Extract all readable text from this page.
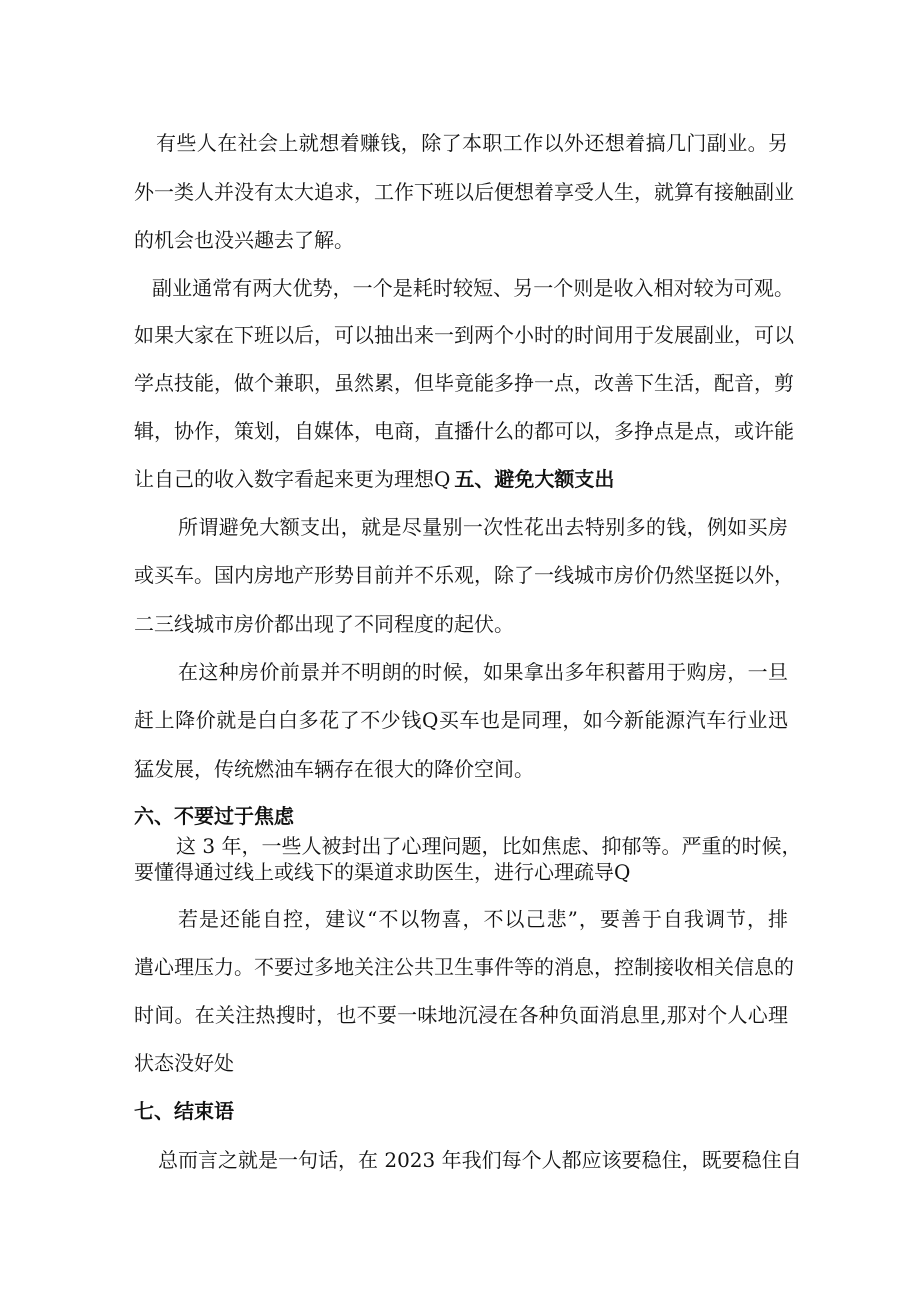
有些人在社会上就想着赚钱，除了本职工作以外还想着搞几门副业。另

外一类人并没有太大追求，工作下班以后便想着享受人生，就算有接触副业

的机会也没兴趣去了解。

副业通常有两大优势，一个是耗时较短、另一个则是收入相对较为可观。

如果大家在下班以后，可以抽出来一到两个小时的时间用于发展副业，可以

学点技能，做个兼职，虽然累，但毕竟能多挣一点，改善下生活，配音，剪

辑，协作，策划，自媒体，电商，直播什么的都可以，多挣点是点，或许能

让自己的收入数字看起来更为理想Q 五、避免大额支出

所谓避免大额支出，就是尽量别一次性花出去特别多的钱，例如买房

或买车。国内房地产形势目前并不乐观，除了一线城市房价仍然坚挺以外，

二三线城市房价都出现了不同程度的起伏。

在这种房价前景并不明朗的时候，如果拿出多年积蓄用于购房，一旦

赶上降价就是白白多花了不少钱Q买车也是同理，如今新能源汽车行业迅

猛发展，传统燃油车辆存在很大的降价空间。

六、不要过于焦虑

这 3 年，一些人被封出了心理问题，比如焦虑、抑郁等。严重的时候，

要懂得通过线上或线下的渠道求助医生，进行心理疏导Q

若是还能自控，建议“不以物喜，不以己悲”，要善于自我调节，排

遣心理压力。不要过多地关注公共卫生事件等的消息，控制接收相关信息的

时间。在关注热搜时，也不要一味地沉浸在各种负面消息里,那对个人心理

状态没好处

七、结束语

总而言之就是一句话，在 2023 年我们每个人都应该要稳住，既要稳住自
